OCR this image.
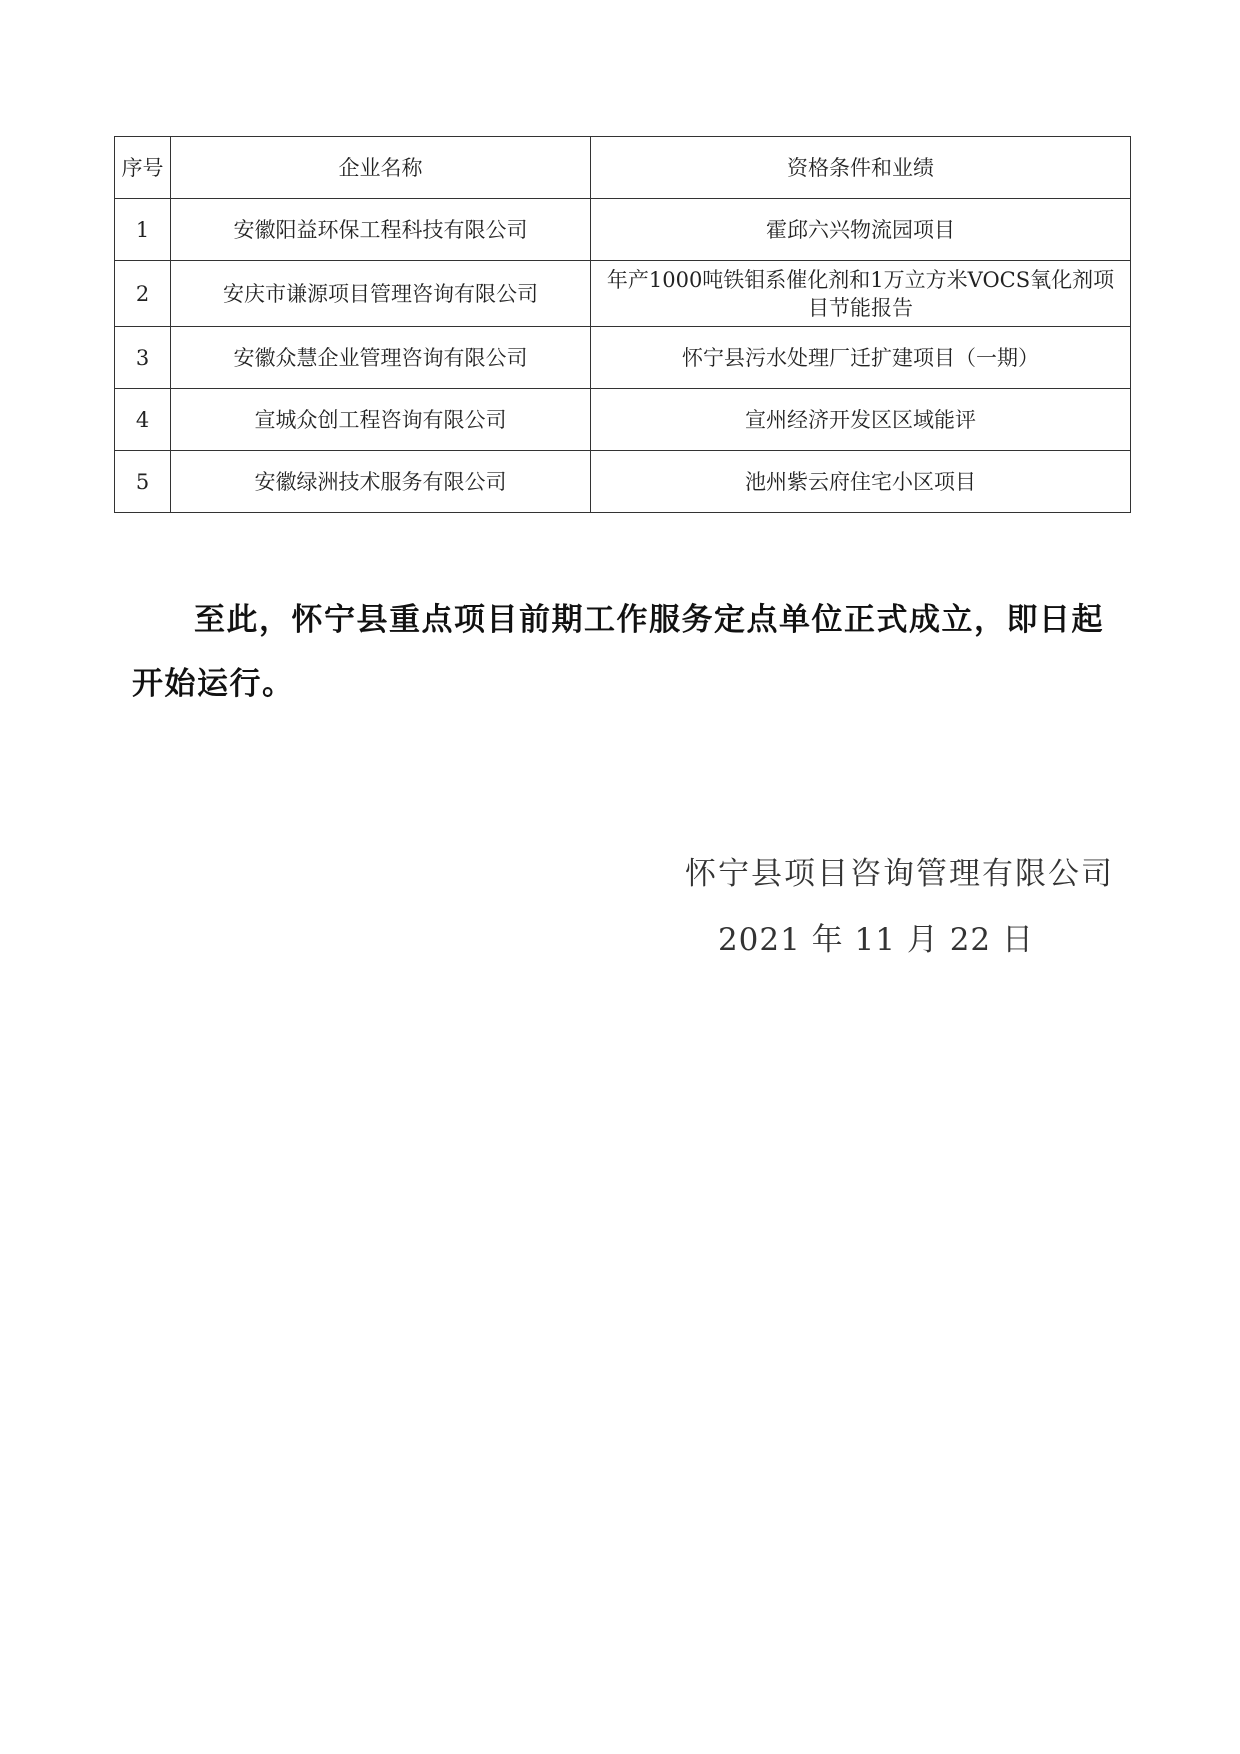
序号	企业名称	资格条件和业绩
1	安徽阳益环保工程科技有限公司	霍邱六兴物流园项目
2	安庆市谦源项目管理咨询有限公司	年产1000吨铁钼系催化剂和1万立方米VOCS氧化剂项目节能报告
3	安徽众慧企业管理咨询有限公司	怀宁县污水处理厂迁扩建项目（一期）
4	宣城众创工程咨询有限公司	宣州经济开发区区域能评
5	安徽绿洲技术服务有限公司	池州紫云府住宅小区项目

至此，怀宁县重点项目前期工作服务定点单位正式成立，即日起开始运行。

怀宁县项目咨询管理有限公司
2021 年 11 月 22 日
